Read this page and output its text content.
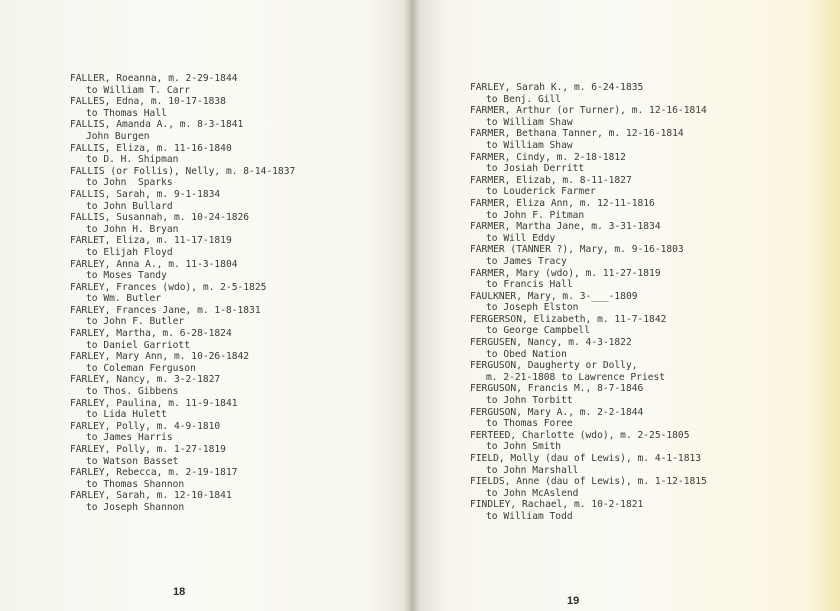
FALLER, Roeanna, m. 2-29-1844
to William T. Carr
FALLES, Edna, m. 10-17-1838
to Thomas Hall
FALLIS, Amanda A., m. 8-3-1841
John Burgen
FALLIS, Eliza, m. 11-16-1840
to D. H. Shipman
FALLIS (or Follis), Nelly, m. 8-14-1837
to John  Sparks
FALLIS, Sarah, m. 9-1-1834
to John Bullard
FALLIS, Susannah, m. 10-24-1826
to John H. Bryan
FARLET, Eliza, m. 11-17-1819
to Elijah Floyd
FARLEY, Anna A., m. 11-3-1804
to Moses Tandy
FARLEY, Frances (wdo), m. 2-5-1825
to Wm. Butler
FARLEY, Frances Jane, m. 1-8-1831
to John F. Butler
FARLEY, Martha, m. 6-28-1824
to Daniel Garriott
FARLEY, Mary Ann, m. 10-26-1842
to Coleman Ferguson
FARLEY, Nancy, m. 3-2-1827
to Thos. Gibbens
FARLEY, Paulina, m. 11-9-1841
to Lida Hulett
FARLEY, Polly, m. 4-9-1810
to James Harris
FARLEY, Polly, m. 1-27-1819
to Watson Basset
FARLEY, Rebecca, m. 2-19-1817
to Thomas Shannon
FARLEY, Sarah, m. 12-10-1841
to Joseph Shannon
18
FARLEY, Sarah K., m. 6-24-1835
to Benj. Gill
FARMER, Arthur (or Turner), m. 12-16-1814
to William Shaw
FARMER, Bethana Tanner, m. 12-16-1814
to William Shaw
FARMER, Cindy, m. 2-18-1812
to Josiah Derritt
FARMER, Elizab, m. 8-11-1827
to Louderick Farmer
FARMER, Eliza Ann, m. 12-11-1816
to John F. Pitman
FARMER, Martha Jane, m. 3-31-1834
to Will Eddy
FARMER (TANNER ?), Mary, m. 9-16-1803
to James Tracy
FARMER, Mary (wdo), m. 11-27-1819
to Francis Hall
FAULKNER, Mary, m. 3-___-1809
to Joseph Elston
FERGERSON, Elizabeth, m. 11-7-1842
to George Campbell
FERGUSEN, Nancy, m. 4-3-1822
to Obed Nation
FERGUSON, Daugherty or Dolly,
m. 2-21-1808 to Lawrence Priest
FERGUSON, Francis M., 8-7-1846
to John Torbitt
FERGUSON, Mary A., m. 2-2-1844
to Thomas Foree
FERTEED, Charlotte (wdo), m. 2-25-1805
to John Smith
FIELD, Molly (dau of Lewis), m. 4-1-1813
to John Marshall
FIELDS, Anne (dau of Lewis), m. 1-12-1815
to John McAslend
FINDLEY, Rachael, m. 10-2-1821
to William Todd
19
